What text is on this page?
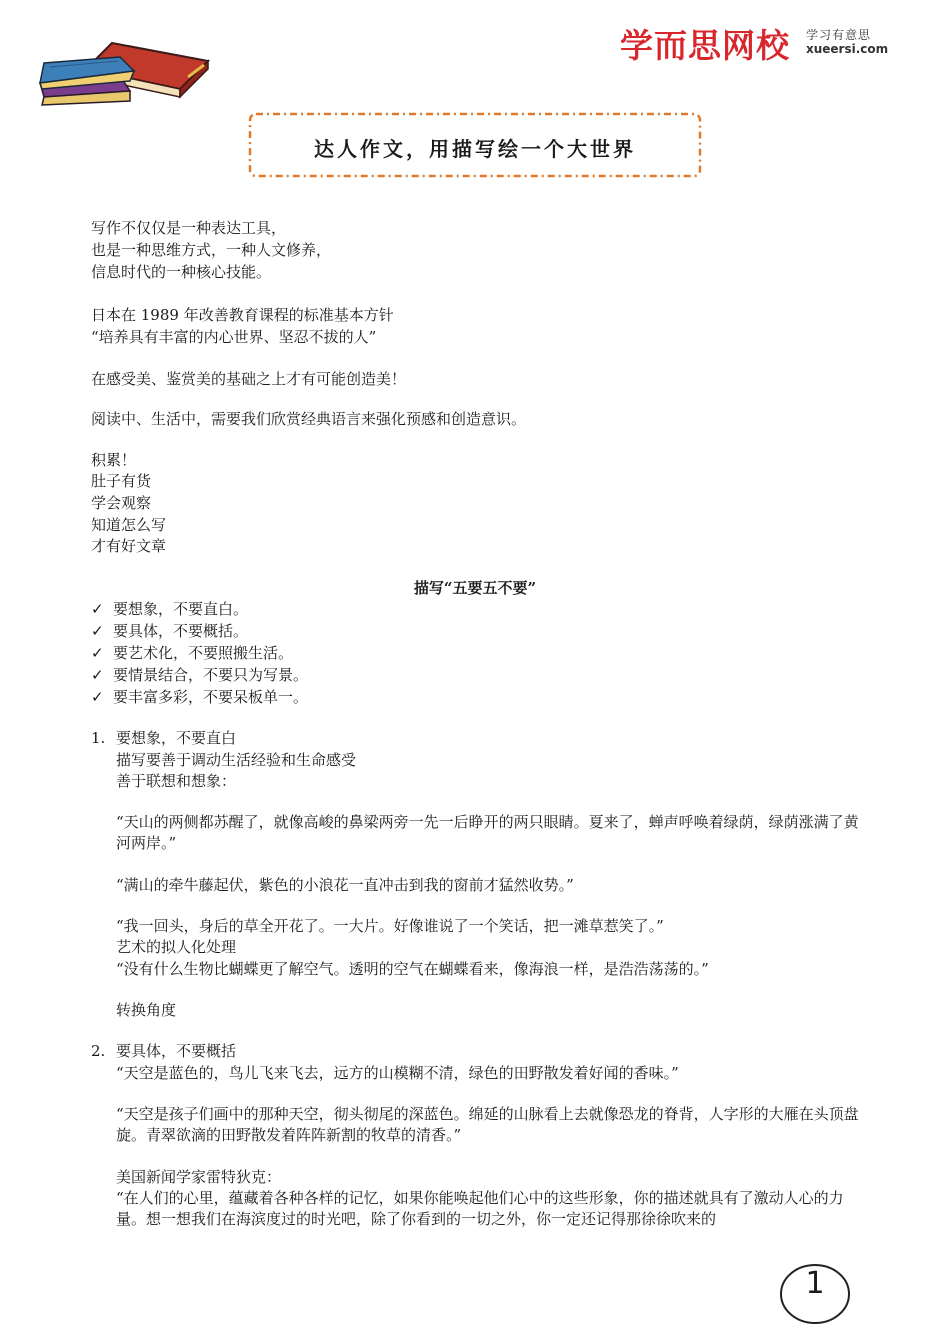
学而思网校 学习有意思
xueersi.com
达人作文，用描写绘一个大世界
写作不仅仅是一种表达工具，
也是一种思维方式，一种人文修养，
信息时代的一种核心技能。
日本在 1989 年改善教育课程的标准基本方针
“培养具有丰富的内心世界、坚忍不拔的人”
在感受美、鉴赏美的基础之上才有可能创造美！
阅读中、生活中，需要我们欣赏经典语言来强化预感和创造意识。
积累！
肚子有货
学会观察
知道怎么写
才有好文章
描写“五要五不要”
✓ 要想象，不要直白。
✓ 要具体，不要概括。
✓ 要艺术化，不要照搬生活。
✓ 要情景结合，不要只为写景。
✓ 要丰富多彩，不要呆板单一。
1. 要想象，不要直白
描写要善于调动生活经验和生命感受
善于联想和想象：
“天山的两侧都苏醒了，就像高峻的鼻梁两旁一先一后睁开的两只眼睛。夏来了，蝉声呼唤着绿荫，绿荫涨满了黄河两岸。”
“满山的牵牛藤起伏，紫色的小浪花一直冲击到我的窗前才猛然收势。”
“我一回头，身后的草全开花了。一大片。好像谁说了一个笑话，把一滩草惹笑了。”
艺术的拟人化处理
“没有什么生物比蝴蝶更了解空气。透明的空气在蝴蝶看来，像海浪一样，是浩浩荡荡的。”
转换角度
2. 要具体，不要概括
“天空是蓝色的，鸟儿飞来飞去，远方的山模糊不清，绿色的田野散发着好闻的香味。”
“天空是孩子们画中的那种天空，彻头彻尾的深蓝色。绵延的山脉看上去就像恐龙的脊背，人字形的大雁在头顶盘旋。青翠欲滴的田野散发着阵阵新割的牧草的清香。”
美国新闻学家雷特狄克：
“在人们的心里，蕴藏着各种各样的记忆，如果你能唤起他们心中的这些形象，你的描述就具有了激动人心的力量。想一想我们在海滨度过的时光吧，除了你看到的一切之外，你一定还记得那徐徐吹来的
1
